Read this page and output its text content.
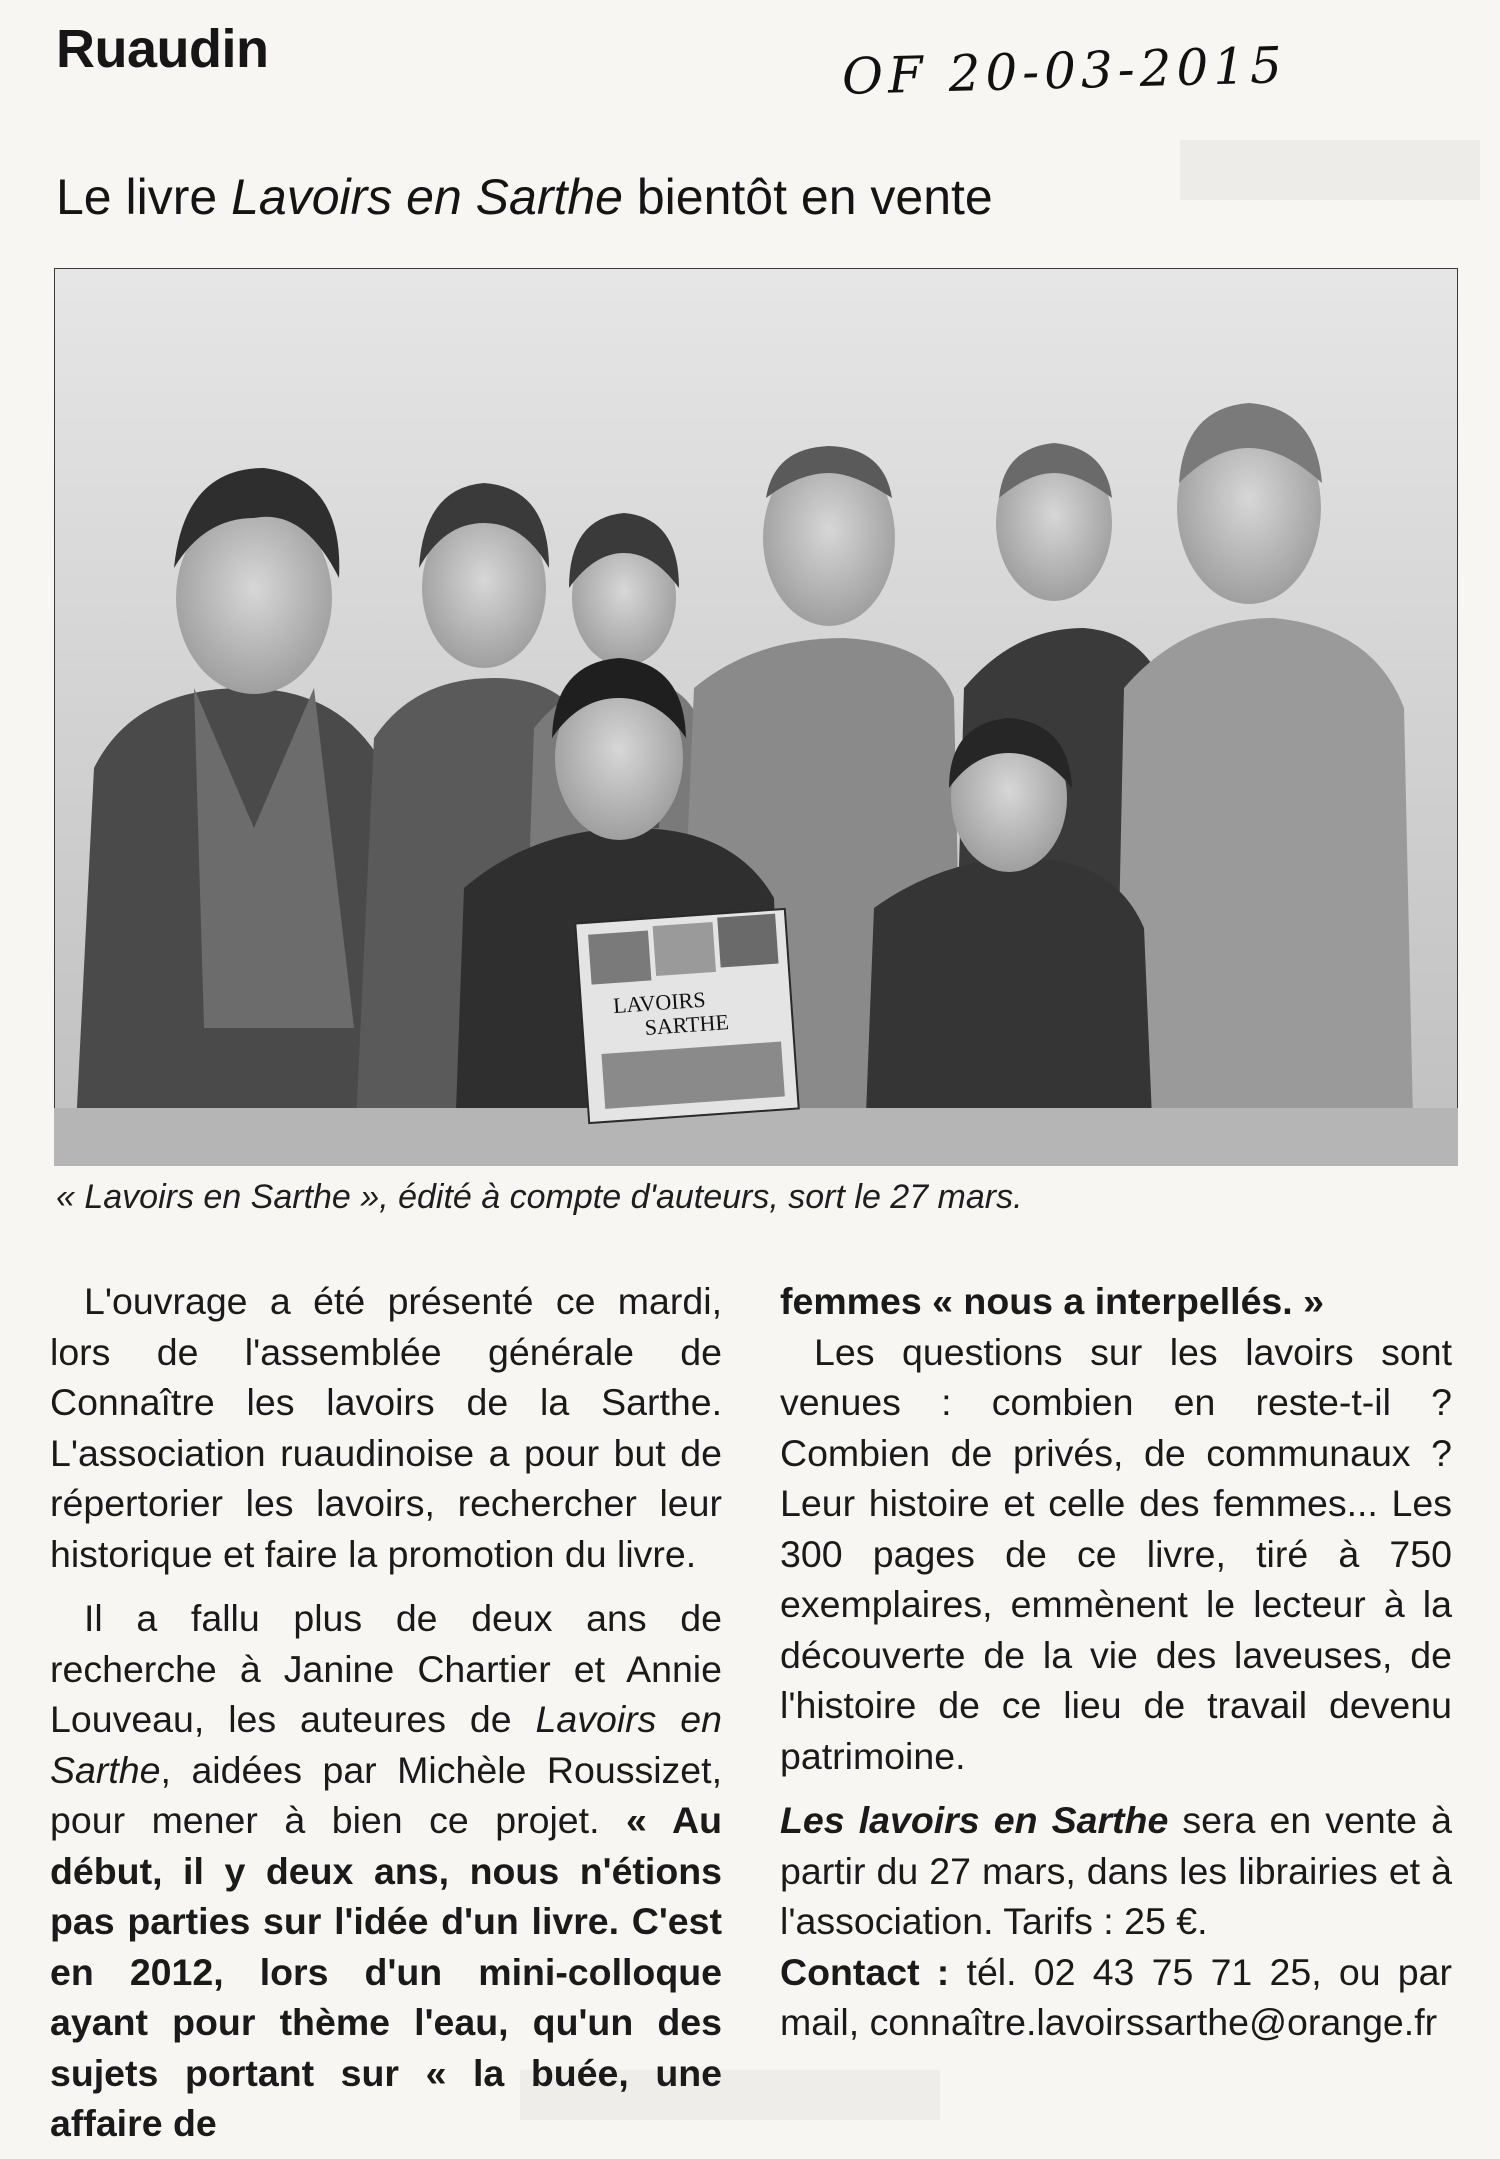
Ruaudin	OF 20-03-2015
Le livre Lavoirs en Sarthe bientôt en vente
LAVOIRS
SARTHE
« Lavoirs en Sarthe », édité à compte d'auteurs, sort le 27 mars.

L'ouvrage a été présenté ce mardi, lors de l'assemblée générale de Connaître les lavoirs de la Sarthe. L'association ruaudinoise a pour but de répertorier les lavoirs, rechercher leur historique et faire la promotion du livre.

Il a fallu plus de deux ans de recherche à Janine Chartier et Annie Louveau, les auteures de Lavoirs en Sarthe, aidées par Michèle Roussizet, pour mener à bien ce projet. « Au début, il y deux ans, nous n'étions pas parties sur l'idée d'un livre. C'est en 2012, lors d'un mini-colloque ayant pour thème l'eau, qu'un des sujets portant sur « la buée, une affaire de

femmes « nous a interpellés. »

Les questions sur les lavoirs sont venues : combien en reste-t-il ? Combien de privés, de communaux ? Leur histoire et celle des femmes... Les 300 pages de ce livre, tiré à 750 exemplaires, emmènent le lecteur à la découverte de la vie des laveuses, de l'histoire de ce lieu de travail devenu patrimoine.

Les lavoirs en Sarthe sera en vente à partir du 27 mars, dans les librairies et à l'association. Tarifs : 25 €.

Contact : tél. 02 43 75 71 25, ou par mail, connaître.lavoirssarthe@orange.fr
